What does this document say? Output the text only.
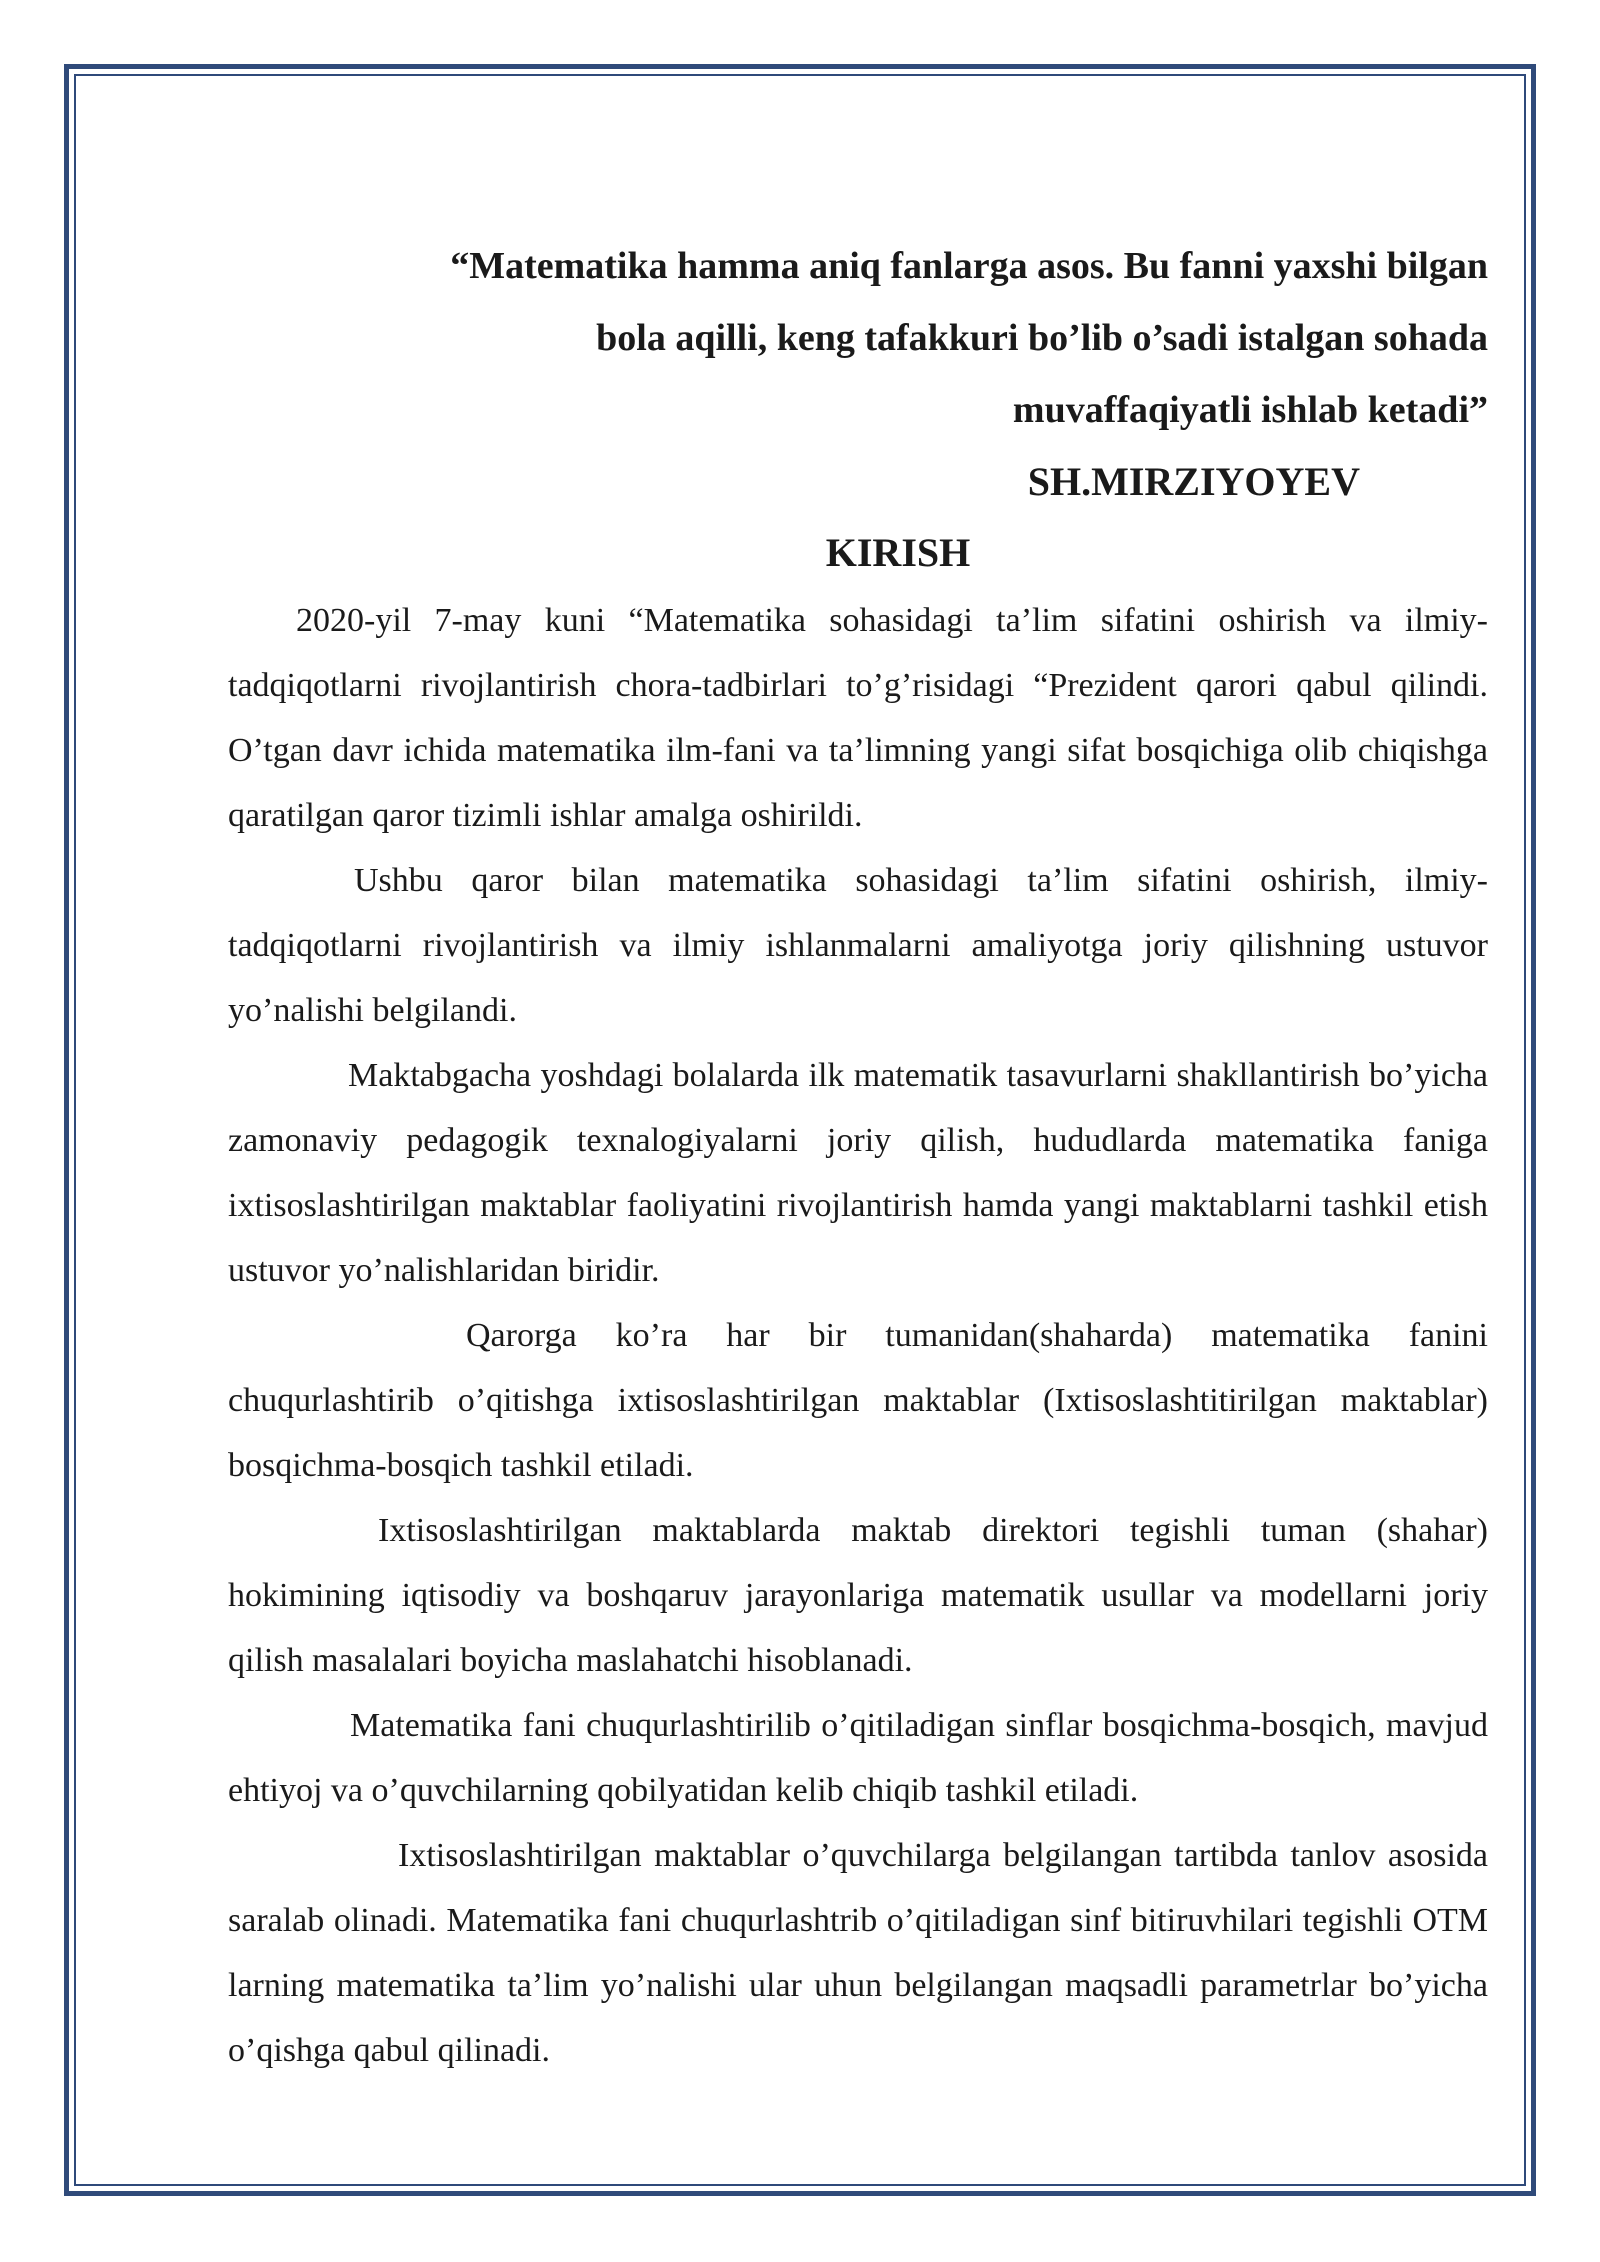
“Matematika hamma aniq fanlarga asos. Bu fanni yaxshi bilgan
bola aqilli, keng tafakkuri bo’lib o’sadi istalgan sohada
muvaffaqiyatli ishlab ketadi”
SH.MIRZIYOYEV
KIRISH

2020-yil 7-may kuni “Matematika sohasidagi ta’lim sifatini oshirish va ilmiy-tadqiqotlarni rivojlantirish chora-tadbirlari to’g’risidagi “Prezident qarori qabul qilindi. O’tgan davr ichida matematika ilm-fani va ta’limning yangi sifat bosqichiga olib chiqishga qaratilgan qaror tizimli ishlar amalga oshirildi.

Ushbu qaror bilan matematika sohasidagi ta’lim sifatini oshirish, ilmiy-tadqiqotlarni rivojlantirish va ilmiy ishlanmalarni amaliyotga joriy qilishning ustuvor yo’nalishi belgilandi.

Maktabgacha yoshdagi bolalarda ilk matematik tasavurlarni shakllantirish bo’yicha zamonaviy pedagogik texnalogiyalarni joriy qilish, hududlarda matematika faniga ixtisoslashtirilgan maktablar faoliyatini rivojlantirish hamda yangi maktablarni tashkil etish ustuvor yo’nalishlaridan biridir.

Qarorga ko’ra har bir tumanidan(shaharda) matematika fanini chuqurlashtirib o’qitishga ixtisoslashtirilgan maktablar (Ixtisoslashtitirilgan maktablar) bosqichma-bosqich tashkil etiladi.

Ixtisoslashtirilgan maktablarda maktab direktori tegishli tuman (shahar) hokimining iqtisodiy va boshqaruv jarayonlariga matematik usullar va modellarni joriy qilish masalalari boyicha maslahatchi hisoblanadi.

Matematika fani chuqurlashtirilib o’qitiladigan sinflar bosqichma-bosqich, mavjud ehtiyoj va o’quvchilarning qobilyatidan kelib chiqib tashkil etiladi.

Ixtisoslashtirilgan maktablar o’quvchilarga belgilangan tartibda tanlov asosida saralab olinadi. Matematika fani chuqurlashtrib o’qitiladigan sinf bitiruvhilari tegishli OTM larning matematika ta’lim yo’nalishi ular uhun belgilangan maqsadli parametrlar bo’yicha o’qishga qabul qilinadi.
